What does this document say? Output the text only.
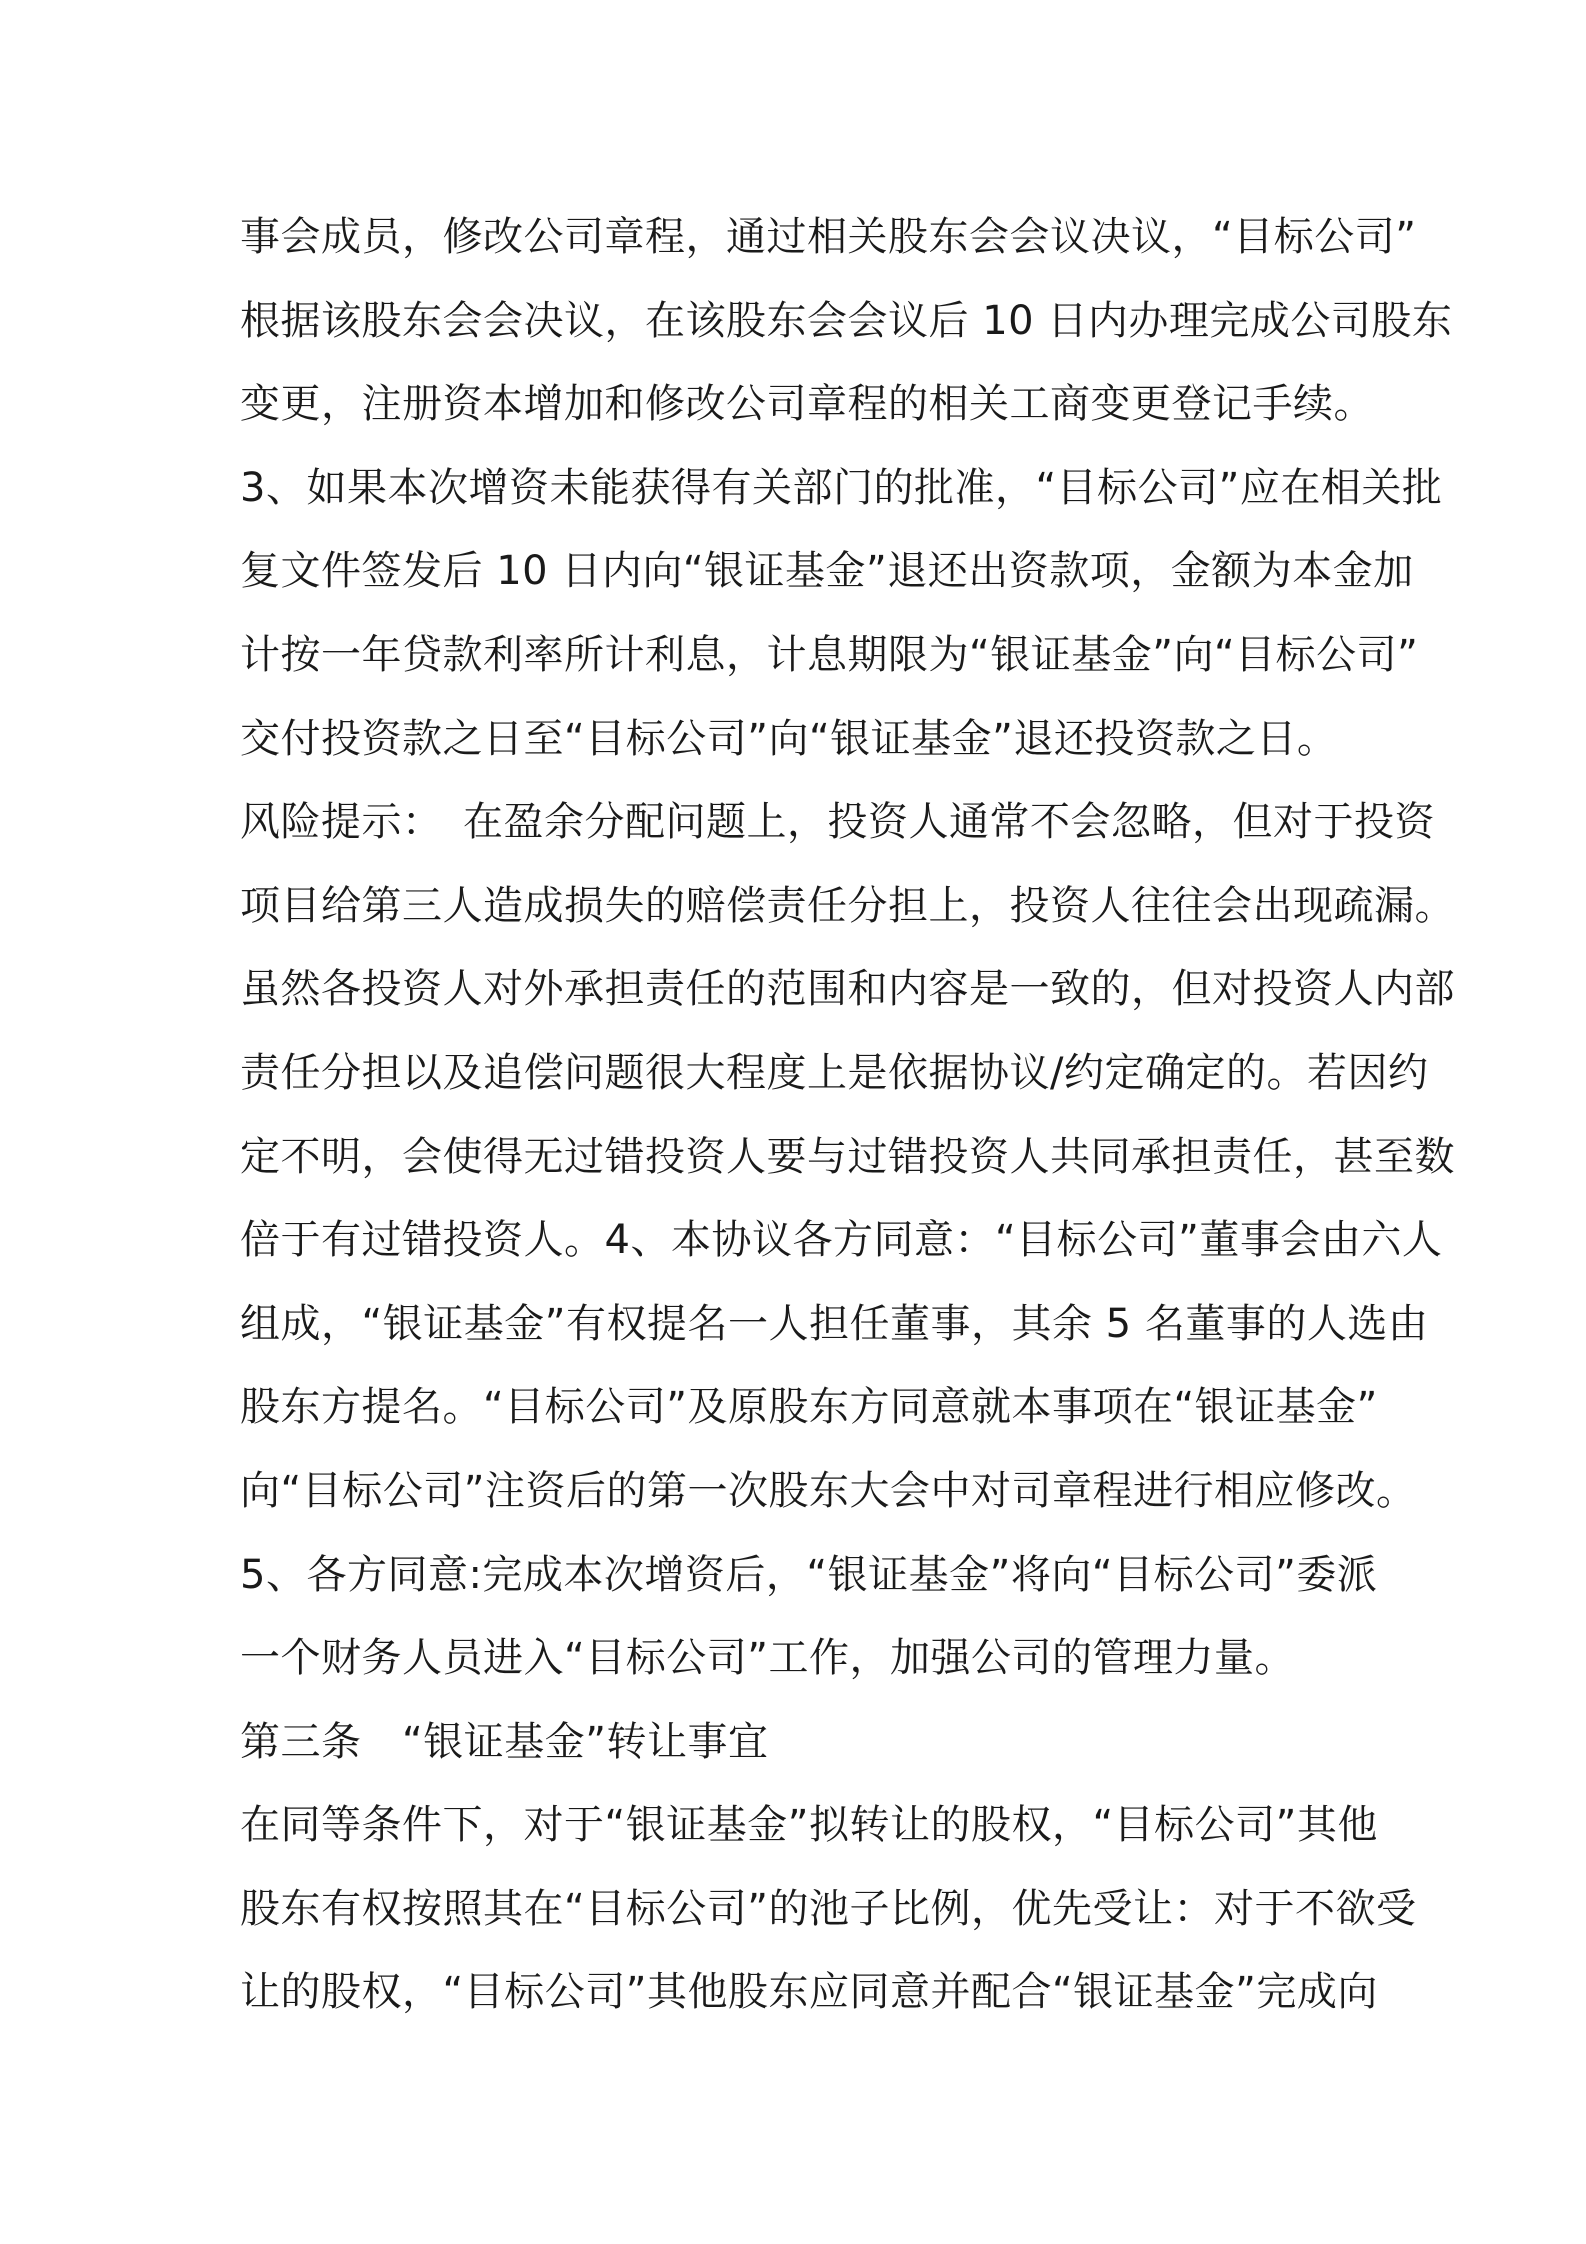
事会成员，修改公司章程，通过相关股东会会议决议，“目标公司”
根据该股东会会决议，在该股东会会议后 10 日内办理完成公司股东
变更，注册资本增加和修改公司章程的相关工商变更登记手续。
3、如果本次增资未能获得有关部门的批准，“目标公司”应在相关批
复文件签发后 10 日内向“银证基金”退还出资款项，金额为本金加
计按一年贷款利率所计利息，计息期限为“银证基金”向“目标公司”
交付投资款之日至“目标公司”向“银证基金”退还投资款之日。
风险提示：　在盈余分配问题上，投资人通常不会忽略，但对于投资
项目给第三人造成损失的赔偿责任分担上，投资人往往会出现疏漏。
虽然各投资人对外承担责任的范围和内容是一致的，但对投资人内部
责任分担以及追偿问题很大程度上是依据协议/约定确定的。若因约
定不明，会使得无过错投资人要与过错投资人共同承担责任，甚至数
倍于有过错投资人。4、本协议各方同意：“目标公司”董事会由六人
组成，“银证基金”有权提名一人担任董事，其余 5 名董事的人选由
股东方提名。“目标公司”及原股东方同意就本事项在“银证基金”
向“目标公司”注资后的第一次股东大会中对司章程进行相应修改。
5、各方同意:完成本次增资后，“银证基金”将向“目标公司”委派
一个财务人员进入“目标公司”工作，加强公司的管理力量。
第三条　“银证基金”转让事宜
在同等条件下，对于“银证基金”拟转让的股权，“目标公司”其他
股东有权按照其在“目标公司”的池子比例，优先受让：对于不欲受
让的股权，“目标公司”其他股东应同意并配合“银证基金”完成向
